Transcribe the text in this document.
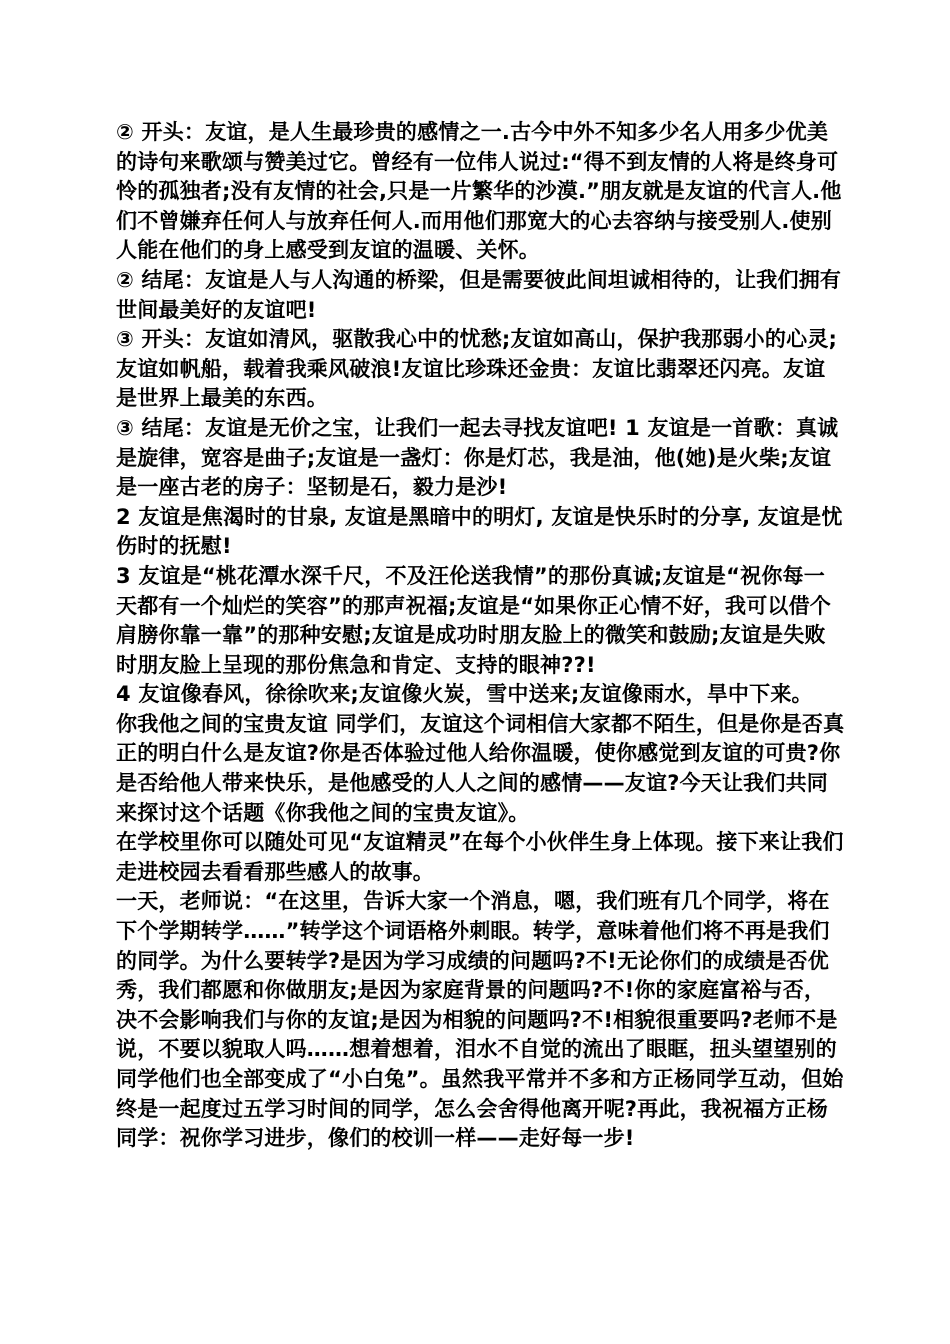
② 开头：友谊，是人生最珍贵的感情之一.古今中外不知多少名人用多少优美的诗句来歌颂与赞美过它。曾经有一位伟人说过:“得不到友情的人将是终身可怜的孤独者;没有友情的社会,只是一片繁华的沙漠.”朋友就是友谊的代言人.他们不曾嫌弃任何人与放弃任何人.而用他们那宽大的心去容纳与接受别人.使别人能在他们的身上感受到友谊的温暖、关怀。

② 结尾：友谊是人与人沟通的桥梁，但是需要彼此间坦诚相待的，让我们拥有世间最美好的友谊吧!

③ 开头：友谊如清风，驱散我心中的忧愁;友谊如高山，保护我那弱小的心灵;友谊如帆船，载着我乘风破浪!友谊比珍珠还金贵：友谊比翡翠还闪亮。友谊是世界上最美的东西。

③ 结尾：友谊是无价之宝，让我们一起去寻找友谊吧! 1 友谊是一首歌：真诚是旋律，宽容是曲子;友谊是一盏灯：你是灯芯，我是油，他(她)是火柴;友谊是一座古老的房子：坚韧是石，毅力是沙!

2 友谊是焦渴时的甘泉, 友谊是黑暗中的明灯, 友谊是快乐时的分享, 友谊是忧伤时的抚慰!

3 友谊是“桃花潭水深千尺，不及汪伦送我情”的那份真诚;友谊是“祝你每一天都有一个灿烂的笑容”的那声祝福;友谊是“如果你正心情不好，我可以借个肩膀你靠一靠”的那种安慰;友谊是成功时朋友脸上的微笑和鼓励;友谊是失败时朋友脸上呈现的那份焦急和肯定、支持的眼神??!

4 友谊像春风，徐徐吹来;友谊像火炭，雪中送来;友谊像雨水，旱中下来。

你我他之间的宝贵友谊 同学们，友谊这个词相信大家都不陌生，但是你是否真正的明白什么是友谊?你是否体验过他人给你温暖，使你感觉到友谊的可贵?你是否给他人带来快乐，是他感受的人人之间的感情——友谊?今天让我们共同来探讨这个话题《你我他之间的宝贵友谊》。

在学校里你可以随处可见“友谊精灵”在每个小伙伴生身上体现。接下来让我们走进校园去看看那些感人的故事。

一天，老师说：“在这里，告诉大家一个消息，嗯，我们班有几个同学，将在下个学期转学……”转学这个词语格外刺眼。转学，意味着他们将不再是我们的同学。为什么要转学?是因为学习成绩的问题吗?不!无论你们的成绩是否优秀，我们都愿和你做朋友;是因为家庭背景的问题吗?不!你的家庭富裕与否，决不会影响我们与你的友谊;是因为相貌的问题吗?不!相貌很重要吗?老师不是说，不要以貌取人吗……想着想着，泪水不自觉的流出了眼眶，扭头望望别的同学他们也全部变成了“小白兔”。虽然我平常并不多和方正杨同学互动，但始终是一起度过五学习时间的同学，怎么会舍得他离开呢?再此，我祝福方正杨同学：祝你学习进步，像们的校训一样——走好每一步!
